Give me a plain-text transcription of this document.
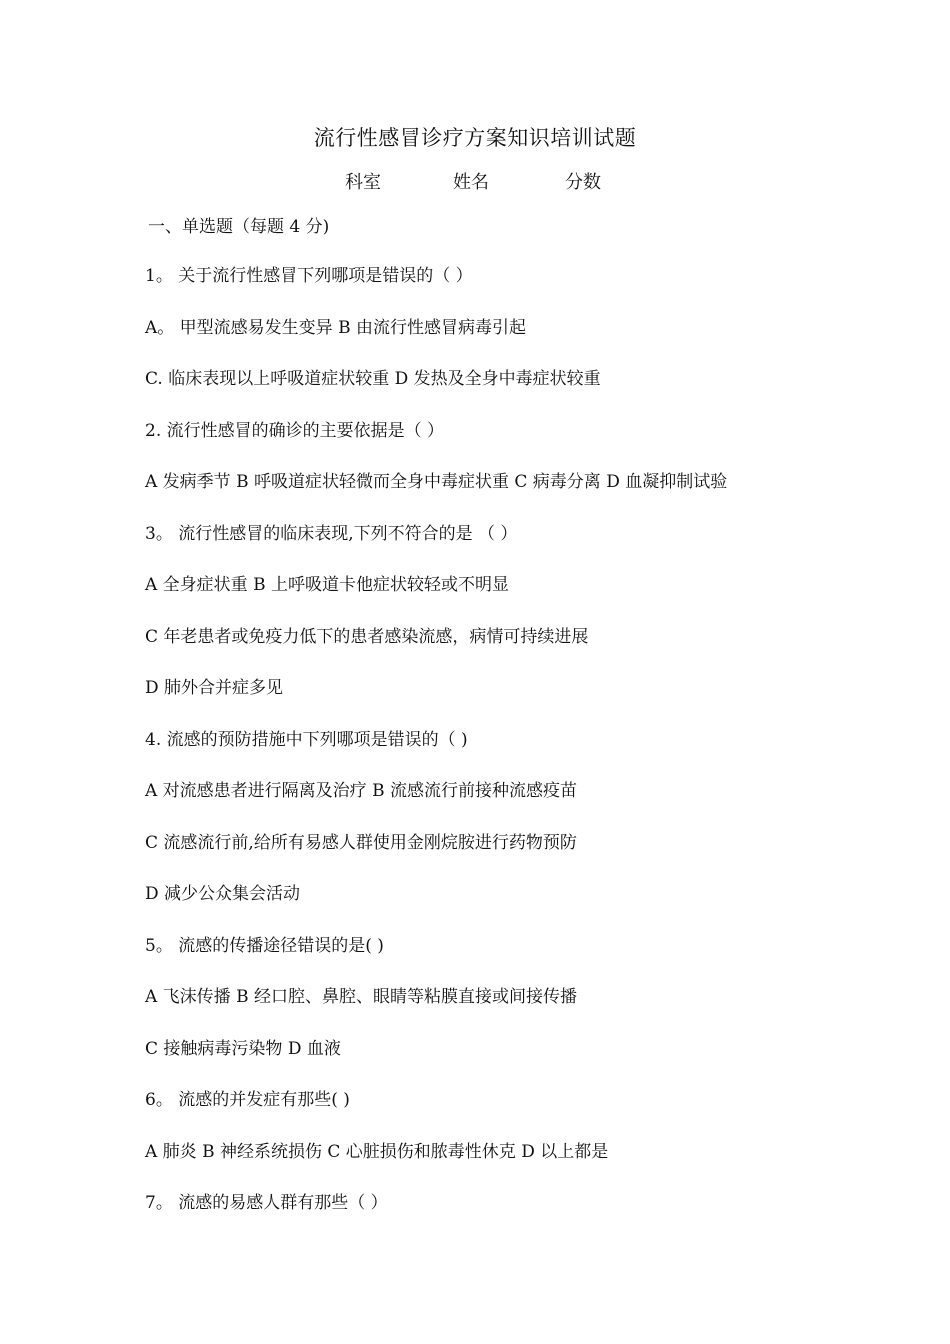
流行性感冒诊疗方案知识培训试题
科室	姓名	分数
一、单选题（每题 4 分)
1。 关于流行性感冒下列哪项是错误的（ ）
A。 甲型流感易发生变异 B 由流行性感冒病毒引起
C. 临床表现以上呼吸道症状较重 D 发热及全身中毒症状较重
2. 流行性感冒的确诊的主要依据是（ ）
A 发病季节 B 呼吸道症状轻微而全身中毒症状重 C 病毒分离 D 血凝抑制试验
3。 流行性感冒的临床表现,下列不符合的是 （ ）
A 全身症状重 B 上呼吸道卡他症状较轻或不明显
C 年老患者或免疫力低下的患者感染流感，病情可持续进展
D 肺外合并症多见
4. 流感的预防措施中下列哪项是错误的（ )
A 对流感患者进行隔离及治疗 B 流感流行前接种流感疫苗
C 流感流行前,给所有易感人群使用金刚烷胺进行药物预防
D 减少公众集会活动
5。 流感的传播途径错误的是( )
A 飞沫传播 B 经口腔、鼻腔、眼睛等粘膜直接或间接传播
C 接触病毒污染物 D 血液
6。 流感的并发症有那些( )
A 肺炎 B 神经系统损伤 C 心脏损伤和脓毒性休克 D 以上都是
7。 流感的易感人群有那些（ ）
